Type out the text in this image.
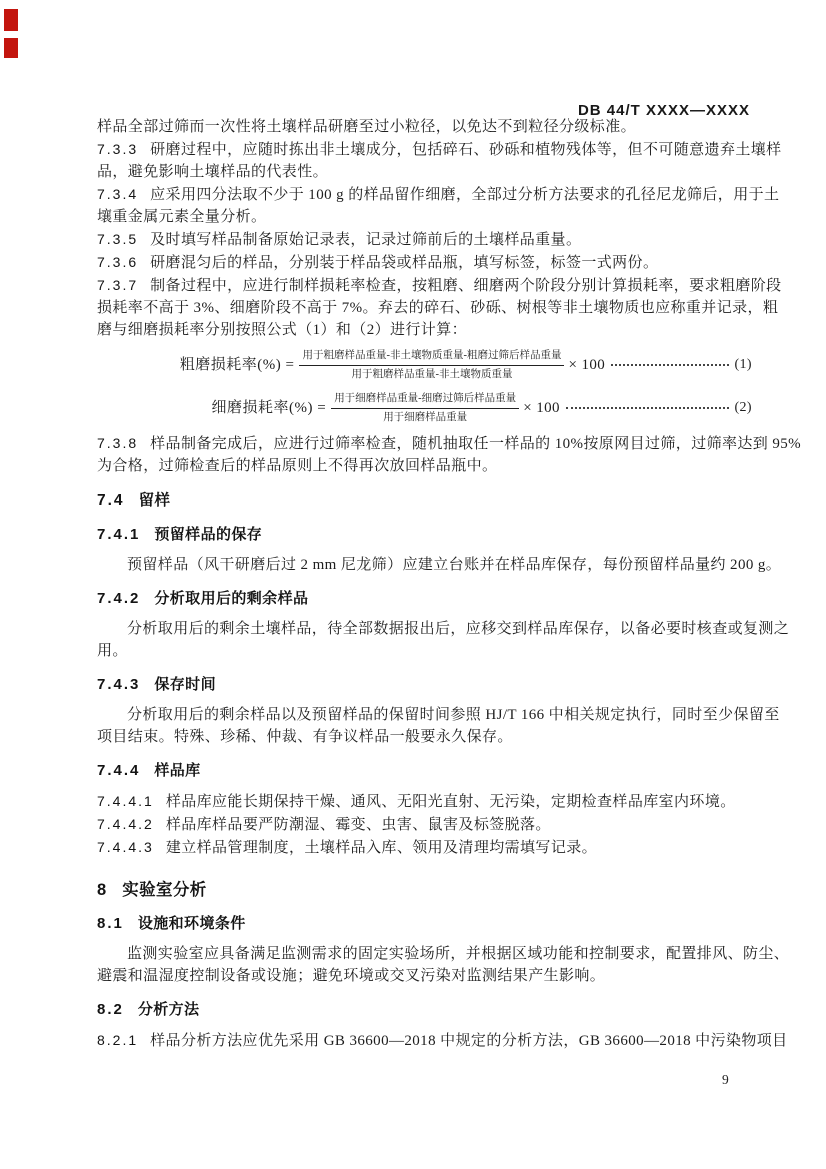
DB 44/T XXXX—XXXX
样品全部过筛而一次性将土壤样品研磨至过小粒径，以免达不到粒径分级标准。
7.3.3 研磨过程中，应随时拣出非土壤成分，包括碎石、砂砾和植物残体等，但不可随意遗弃土壤样
品，避免影响土壤样品的代表性。
7.3.4 应采用四分法取不少于 100 g 的样品留作细磨，全部过分析方法要求的孔径尼龙筛后，用于土
壤重金属元素全量分析。
7.3.5 及时填写样品制备原始记录表，记录过筛前后的土壤样品重量。
7.3.6 研磨混匀后的样品，分别装于样品袋或样品瓶，填写标签，标签一式两份。
7.3.7 制备过程中，应进行制样损耗率检查，按粗磨、细磨两个阶段分别计算损耗率，要求粗磨阶段
损耗率不高于 3%、细磨阶段不高于 7%。弃去的碎石、砂砾、树根等非土壤物质也应称重并记录，粗
磨与细磨损耗率分别按照公式（1）和（2）进行计算：
粗磨损耗率(%) = $\frac{\text{用于粗磨样品重量-非土壤物质重量-粗磨过筛后样品重量}}{\text{用于粗磨样品重量-非土壤物质重量}} \times 100$	(1)
细磨损耗率(%) = $\frac{\text{用于细磨样品重量-细磨过筛后样品重量}}{\text{用于细磨样品重量}} \times 100$	(2)
7.3.8 样品制备完成后，应进行过筛率检查，随机抽取任一样品的 10%按原网目过筛，过筛率达到 95%
为合格，过筛检查后的样品原则上不得再次放回样品瓶中。
7.4 留样
7.4.1 预留样品的保存
预留样品（风干研磨后过 2 mm 尼龙筛）应建立台账并在样品库保存，每份预留样品量约 200 g。
7.4.2 分析取用后的剩余样品
分析取用后的剩余土壤样品，待全部数据报出后，应移交到样品库保存，以备必要时核查或复测之
用。
7.4.3 保存时间
分析取用后的剩余样品以及预留样品的保留时间参照 HJ/T 166 中相关规定执行，同时至少保留至
项目结束。特殊、珍稀、仲裁、有争议样品一般要永久保存。
7.4.4 样品库
7.4.4.1 样品库应能长期保持干燥、通风、无阳光直射、无污染，定期检查样品库室内环境。
7.4.4.2 样品库样品要严防潮湿、霉变、虫害、鼠害及标签脱落。
7.4.4.3 建立样品管理制度，土壤样品入库、领用及清理均需填写记录。
8 实验室分析
8.1 设施和环境条件
监测实验室应具备满足监测需求的固定实验场所，并根据区域功能和控制要求，配置排风、防尘、
避震和温湿度控制设备或设施；避免环境或交叉污染对监测结果产生影响。
8.2 分析方法
8.2.1 样品分析方法应优先采用 GB 36600—2018 中规定的分析方法，GB 36600—2018 中污染物项目
9
